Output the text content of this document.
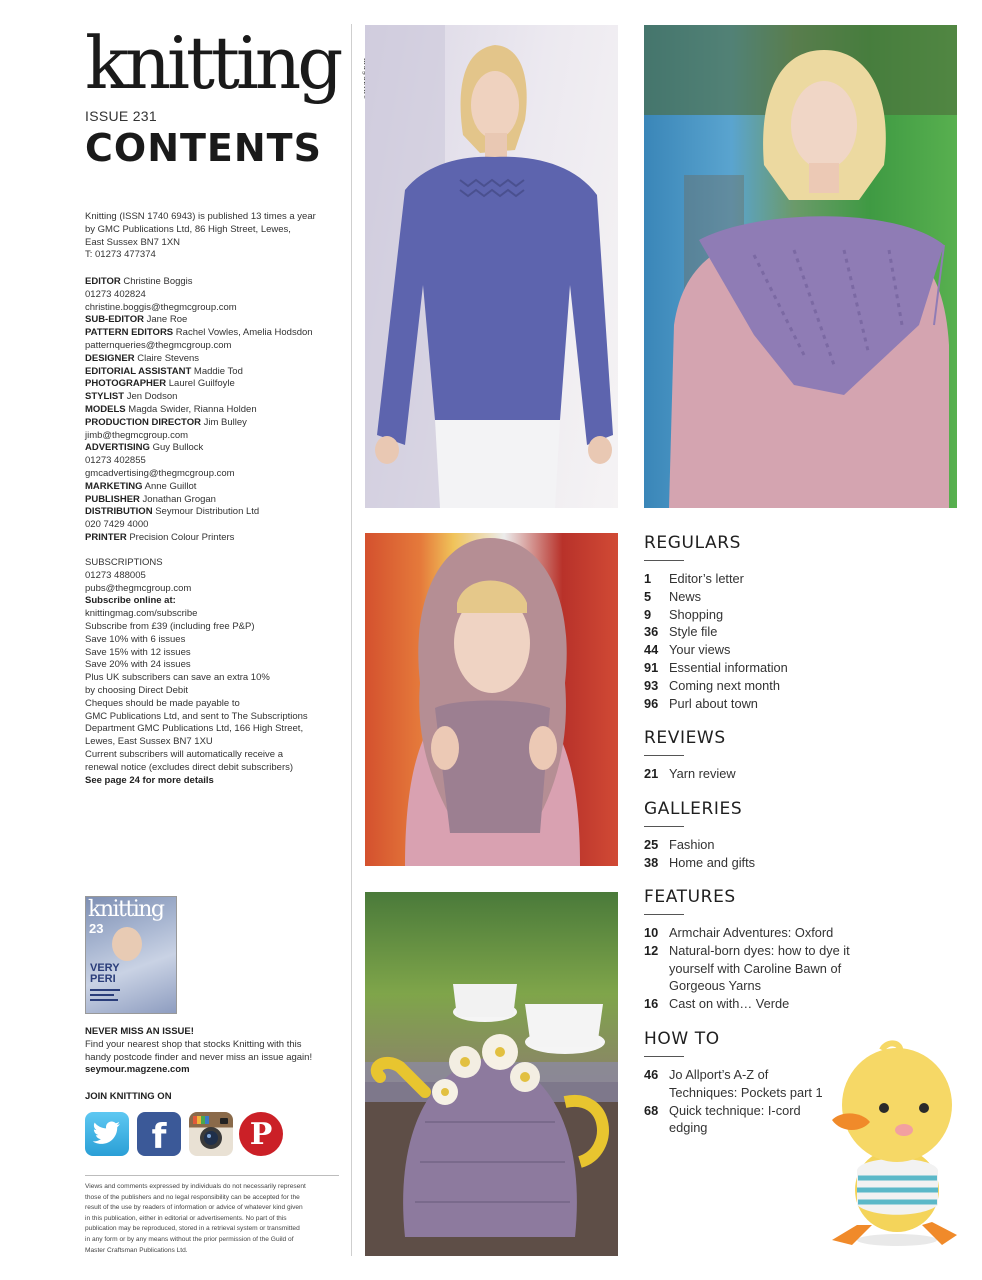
knitting
ISSUE 231
CONTENTS
Knitting (ISSN 1740 6943) is published 13 times a year
by GMC Publications Ltd, 86 High Street, Lewes,
East Sussex BN7 1XN
T: 01273 477374
EDITOR Christine Boggis
01273 402824
christine.boggis@thegmcgroup.com
SUB-EDITOR Jane Roe
PATTERN EDITORS Rachel Vowles, Amelia Hodsdon
patternqueries@thegmcgroup.com
DESIGNER Claire Stevens
EDITORIAL ASSISTANT Maddie Tod
PHOTOGRAPHER Laurel Guilfoyle
STYLIST Jen Dodson
MODELS Magda Swider, Rianna Holden
PRODUCTION DIRECTOR Jim Bulley
jimb@thegmcgroup.com
ADVERTISING Guy Bullock
01273 402855
gmcadvertising@thegmcgroup.com
MARKETING Anne Guillot
PUBLISHER Jonathan Grogan
DISTRIBUTION Seymour Distribution Ltd
020 7429 4000
PRINTER Precision Colour Printers
SUBSCRIPTIONS
01273 488005
pubs@thegmcgroup.com
Subscribe online at:
knittingmag.com/subscribe
Subscribe from £39 (including free P&P)
Save 10% with 6 issues
Save 15% with 12 issues
Save 20% with 24 issues
Plus UK subscribers can save an extra 10%
by choosing Direct Debit
Cheques should be made payable to
GMC Publications Ltd, and sent to The Subscriptions
Department GMC Publications Ltd, 166 High Street,
Lewes, East Sussex BN7 1XU
Current subscribers will automatically receive a
renewal notice (excludes direct debit subscribers)
See page 24 for more details
knitting
23
VERY PERI
NEVER MISS AN ISSUE!
Find your nearest shop that stocks Knitting with this
handy postcode finder and never miss an issue again!
seymour.magzene.com
JOIN KNITTING ON
f	P
Views and comments expressed by individuals do not necessarily represent
those of the publishers and no legal responsibility can be accepted for the
result of the use by readers of information or advice of whatever kind given
in this publication, either in editorial or advertisements. No part of this
publication may be reproduced, stored in a retrieval system or transmitted
in any form or by any means without the prior permission of the Guild of
Master Craftsman Publications Ltd.
REGULARS
1	Editor’s letter
5	News
9	Shopping
36 Style file
44 Your views
91 Essential information
93 Coming next month
96 Purl about town
REVIEWS
21 Yarn review
GALLERIES
25 Fashion
38 Home and gifts
FEATURES
10 Armchair Adventures: Oxford
12 Natural-born dyes: how to dye it yourself with Caroline Bawn of Gorgeous Yarns
16 Cast on with… Verde
HOW TO
46 Jo Allport’s A-Z of Techniques: Pockets part 1
68 Quick technique: I-cord edging
